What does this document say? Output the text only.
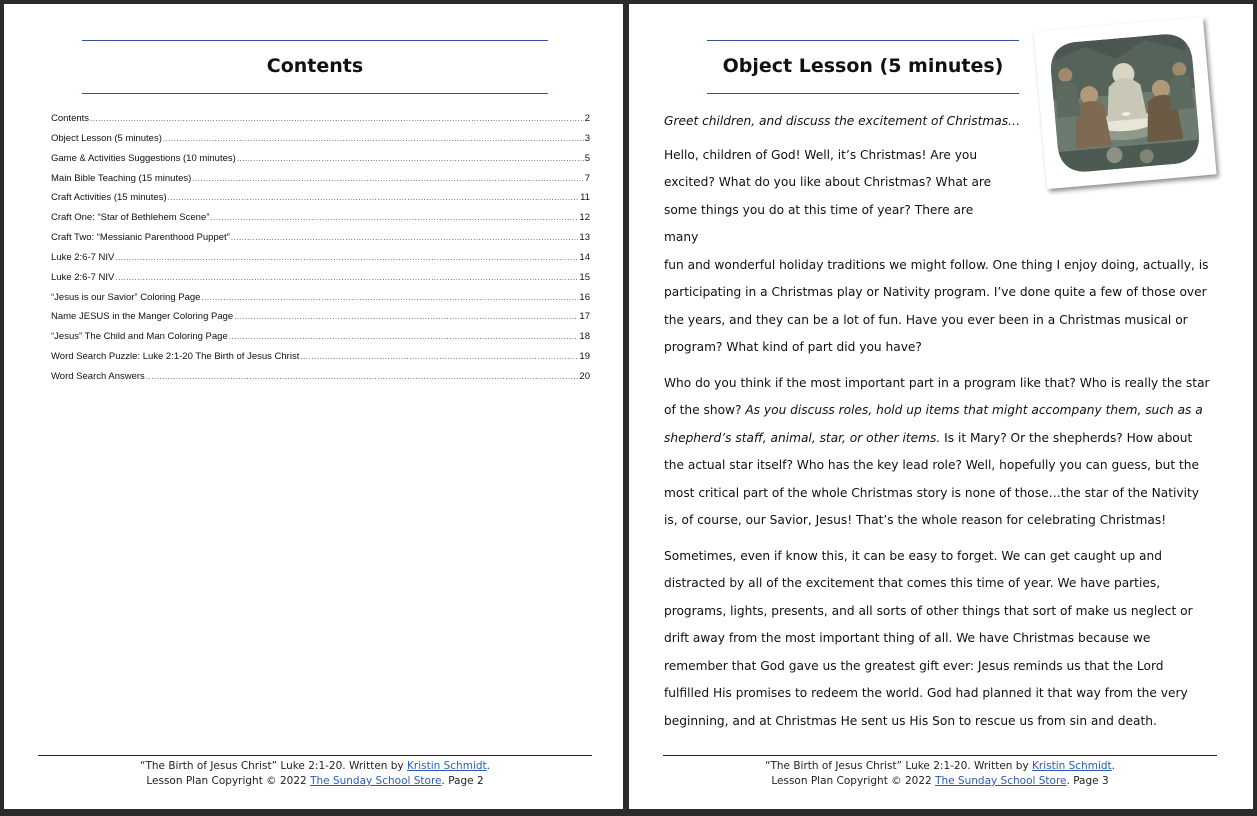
Contents
Contents .....	2
Object Lesson (5 minutes) .....	3
Game & Activities Suggestions (10 minutes) .....	5
Main Bible Teaching (15 minutes) .....	7
Craft Activities (15 minutes) .....	11
Craft One: “Star of Bethlehem Scene” .....	12
Craft Two: “Messianic Parenthood Puppet” .....	13
Luke 2:6-7 NIV .....	14
Luke 2:6-7 NIV .....	15
“Jesus is our Savior” Coloring Page .....	16
Name JESUS in the Manger Coloring Page .....	17
“Jesus” The Child and Man Coloring Page .....	18
Word Search Puzzle: Luke 2:1-20 The Birth of Jesus Christ .....	19
Word Search Answers .....	20
“The Birth of Jesus Christ” Luke 2:1-20. Written by Kristin Schmidt.
Lesson Plan Copyright © 2022 The Sunday School Store. Page 2
Object Lesson (5 minutes)

Greet children, and discuss the excitement of Christmas…

Hello, children of God! Well, it’s Christmas! Are you
excited? What do you like about Christmas? What are
some things you do at this time of year? There are many
fun and wonderful holiday traditions we might follow. One thing I enjoy doing, actually, is participating in a Christmas play or Nativity program. I’ve done quite a few of those over the years, and they can be a lot of fun. Have you ever been in a Christmas musical or program? What kind of part did you have?

Who do you think if the most important part in a program like that? Who is really the star of the show? As you discuss roles, hold up items that might accompany them, such as a shepherd’s staff, animal, star, or other items. Is it Mary? Or the shepherds? How about the actual star itself? Who has the key lead role? Well, hopefully you can guess, but the most critical part of the whole Christmas story is none of those…the star of the Nativity is, of course, our Savior, Jesus! That’s the whole reason for celebrating Christmas!

Sometimes, even if know this, it can be easy to forget. We can get caught up and distracted by all of the excitement that comes this time of year. We have parties, programs, lights, presents, and all sorts of other things that sort of make us neglect or drift away from the most important thing of all. We have Christmas because we remember that God gave us the greatest gift ever: Jesus reminds us that the Lord fulfilled His promises to redeem the world. God had planned it that way from the very beginning, and at Christmas He sent us His Son to rescue us from sin and death.

“The Birth of Jesus Christ” Luke 2:1-20. Written by Kristin Schmidt.
Lesson Plan Copyright © 2022 The Sunday School Store. Page 3
